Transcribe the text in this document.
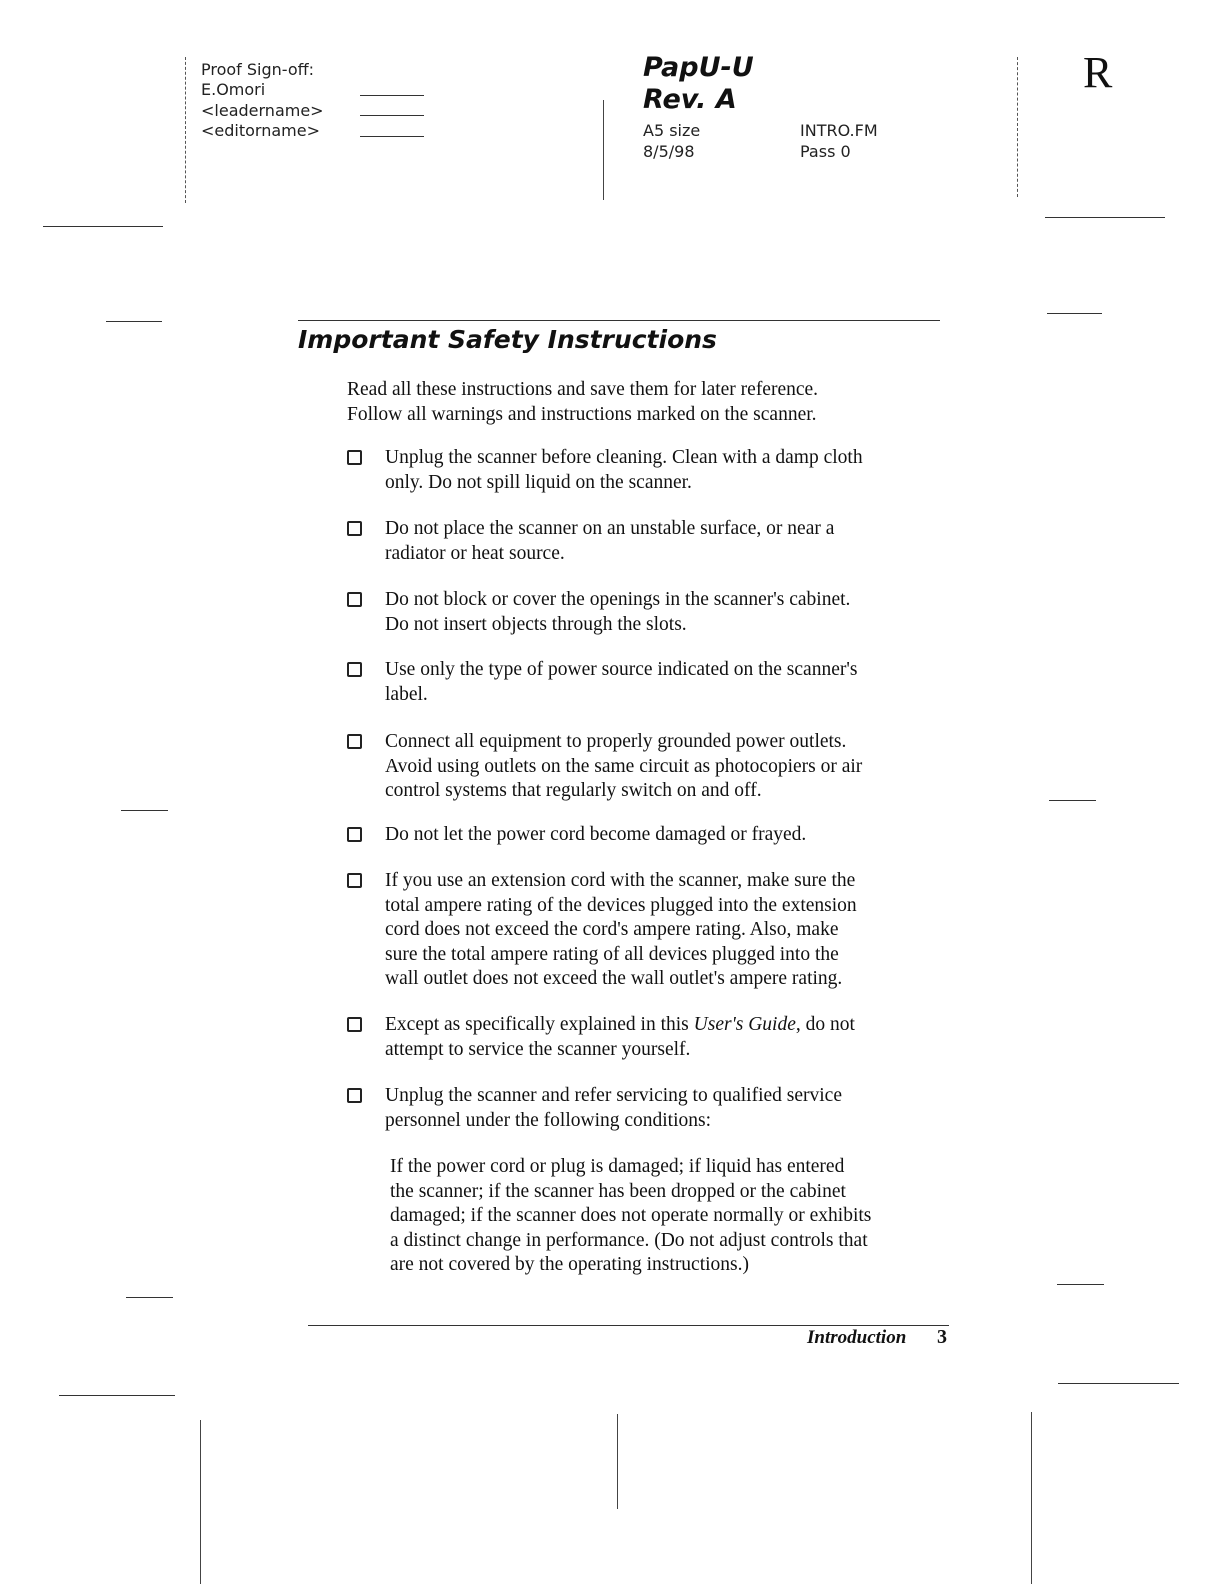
Proof Sign-off:
E.Omori
<leadername>
<editorname>
PapU-U
Rev. A
A5 size
8/5/98
INTRO.FM
Pass 0
R
Important Safety Instructions
Read all these instructions and save them for later reference.
Follow all warnings and instructions marked on the scanner.
Unplug the scanner before cleaning. Clean with a damp cloth
only. Do not spill liquid on the scanner.
Do not place the scanner on an unstable surface, or near a
radiator or heat source.
Do not block or cover the openings in the scanner's cabinet.
Do not insert objects through the slots.
Use only the type of power source indicated on the scanner's
label.
Connect all equipment to properly grounded power outlets.
Avoid using outlets on the same circuit as photocopiers or air
control systems that regularly switch on and off.
Do not let the power cord become damaged or frayed.
If you use an extension cord with the scanner, make sure the
total ampere rating of the devices plugged into the extension
cord does not exceed the cord's ampere rating. Also, make
sure the total ampere rating of all devices plugged into the
wall outlet does not exceed the wall outlet's ampere rating.
Except as specifically explained in this User's Guide, do not
attempt to service the scanner yourself.
Unplug the scanner and refer servicing to qualified service
personnel under the following conditions:
If the power cord or plug is damaged; if liquid has entered
the scanner; if the scanner has been dropped or the cabinet
damaged; if the scanner does not operate normally or exhibits
a distinct change in performance. (Do not adjust controls that
are not covered by the operating instructions.)
Introduction 3
